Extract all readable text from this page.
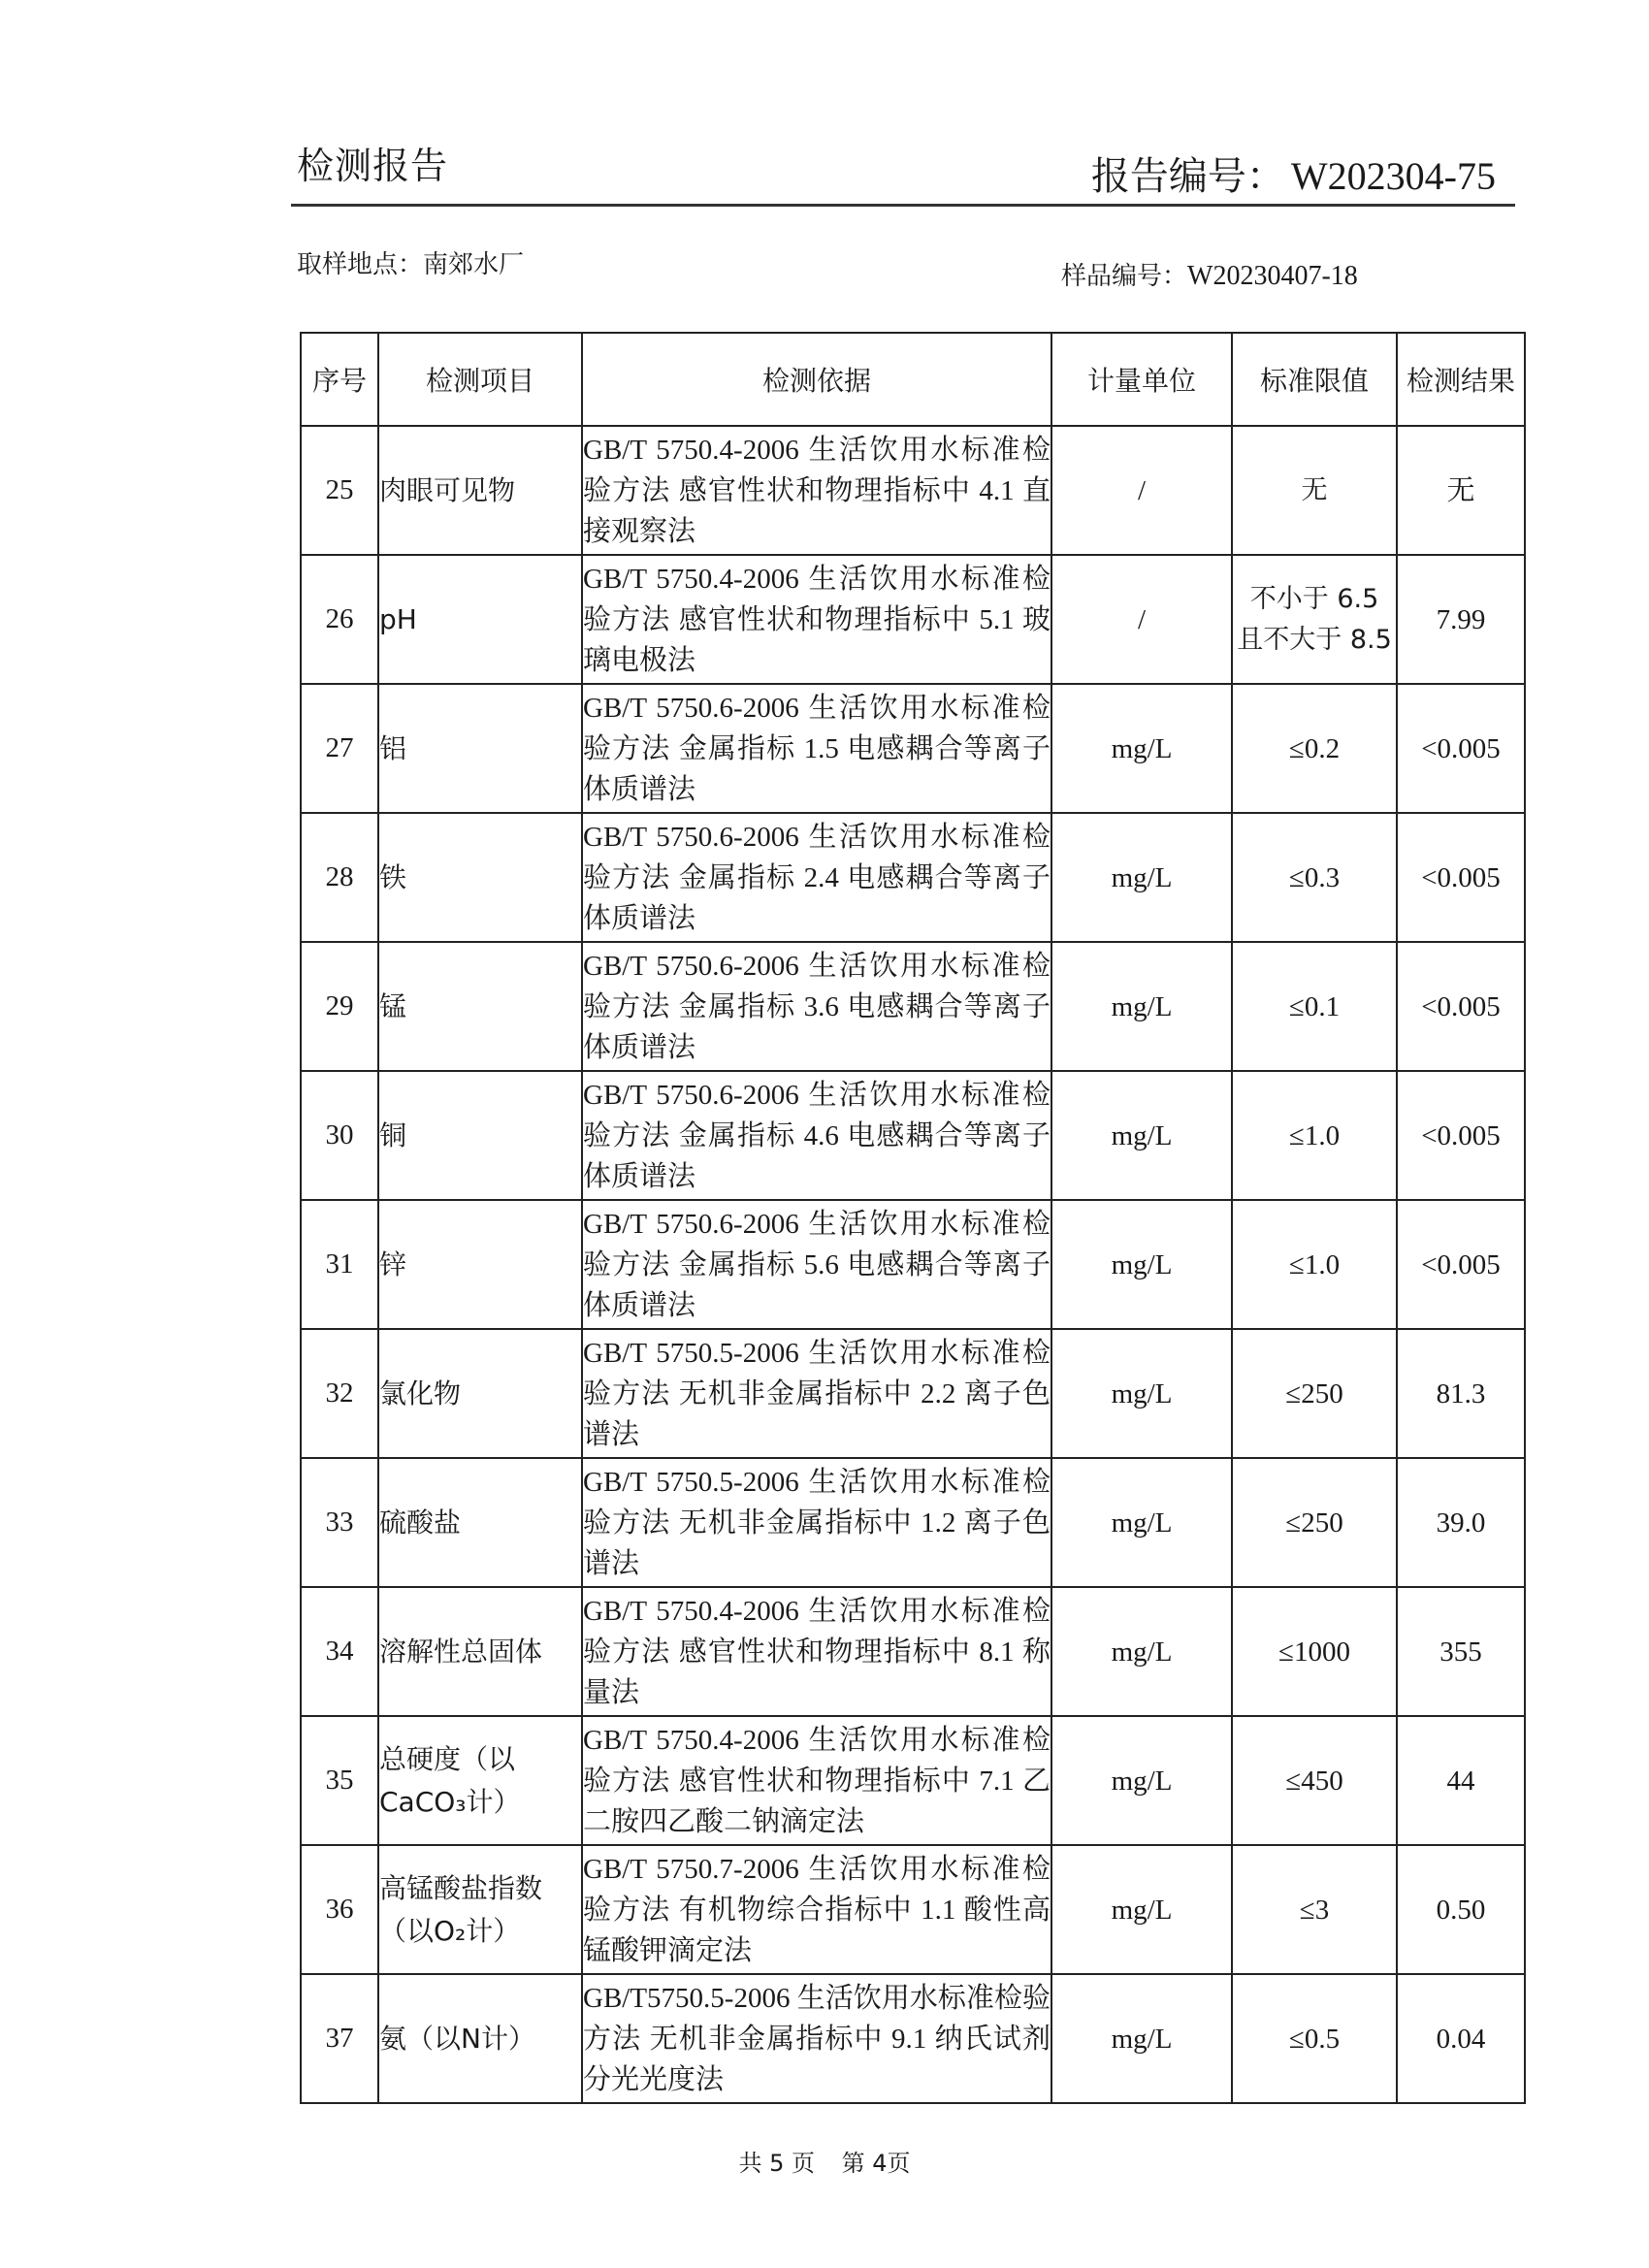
检测报告	报告编号： W202304-75
取样地点：南郊水厂	样品编号：W20230407-18
序号	检测项目	检测依据	计量单位	标准限值	检测结果
25	肉眼可见物	GB/T 5750.4-2006 生活饮用水标准检验方法 感官性状和物理指标中 4.1 直接观察法	/	无	无
26	pH	GB/T 5750.4-2006 生活饮用水标准检验方法 感官性状和物理指标中 5.1 玻璃电极法	/	不小于 6.5 且不大于 8.5	7.99
27	铝	GB/T 5750.6-2006 生活饮用水标准检验方法 金属指标 1.5 电感耦合等离子体质谱法	mg/L	≤0.2	<0.005
28	铁	GB/T 5750.6-2006 生活饮用水标准检验方法 金属指标 2.4 电感耦合等离子体质谱法	mg/L	≤0.3	<0.005
29	锰	GB/T 5750.6-2006 生活饮用水标准检验方法 金属指标 3.6 电感耦合等离子体质谱法	mg/L	≤0.1	<0.005
30	铜	GB/T 5750.6-2006 生活饮用水标准检验方法 金属指标 4.6 电感耦合等离子体质谱法	mg/L	≤1.0	<0.005
31	锌	GB/T 5750.6-2006 生活饮用水标准检验方法 金属指标 5.6 电感耦合等离子体质谱法	mg/L	≤1.0	<0.005
32	氯化物	GB/T 5750.5-2006 生活饮用水标准检验方法 无机非金属指标中 2.2 离子色谱法	mg/L	≤250	81.3
33	硫酸盐	GB/T 5750.5-2006 生活饮用水标准检验方法 无机非金属指标中 1.2 离子色谱法	mg/L	≤250	39.0
34	溶解性总固体	GB/T 5750.4-2006 生活饮用水标准检验方法 感官性状和物理指标中 8.1 称量法	mg/L	≤1000	355
35	总硬度（以CaCO₃计）	GB/T 5750.4-2006 生活饮用水标准检验方法 感官性状和物理指标中 7.1 乙二胺四乙酸二钠滴定法	mg/L	≤450	44
36	高锰酸盐指数（以O₂计）	GB/T 5750.7-2006 生活饮用水标准检验方法 有机物综合指标中 1.1 酸性高锰酸钾滴定法	mg/L	≤3	0.50
37	氨（以N计）	GB/T5750.5-2006 生活饮用水标准检验方法 无机非金属指标中 9.1 纳氏试剂分光光度法	mg/L	≤0.5	0.04
共 5 页 第 4页
